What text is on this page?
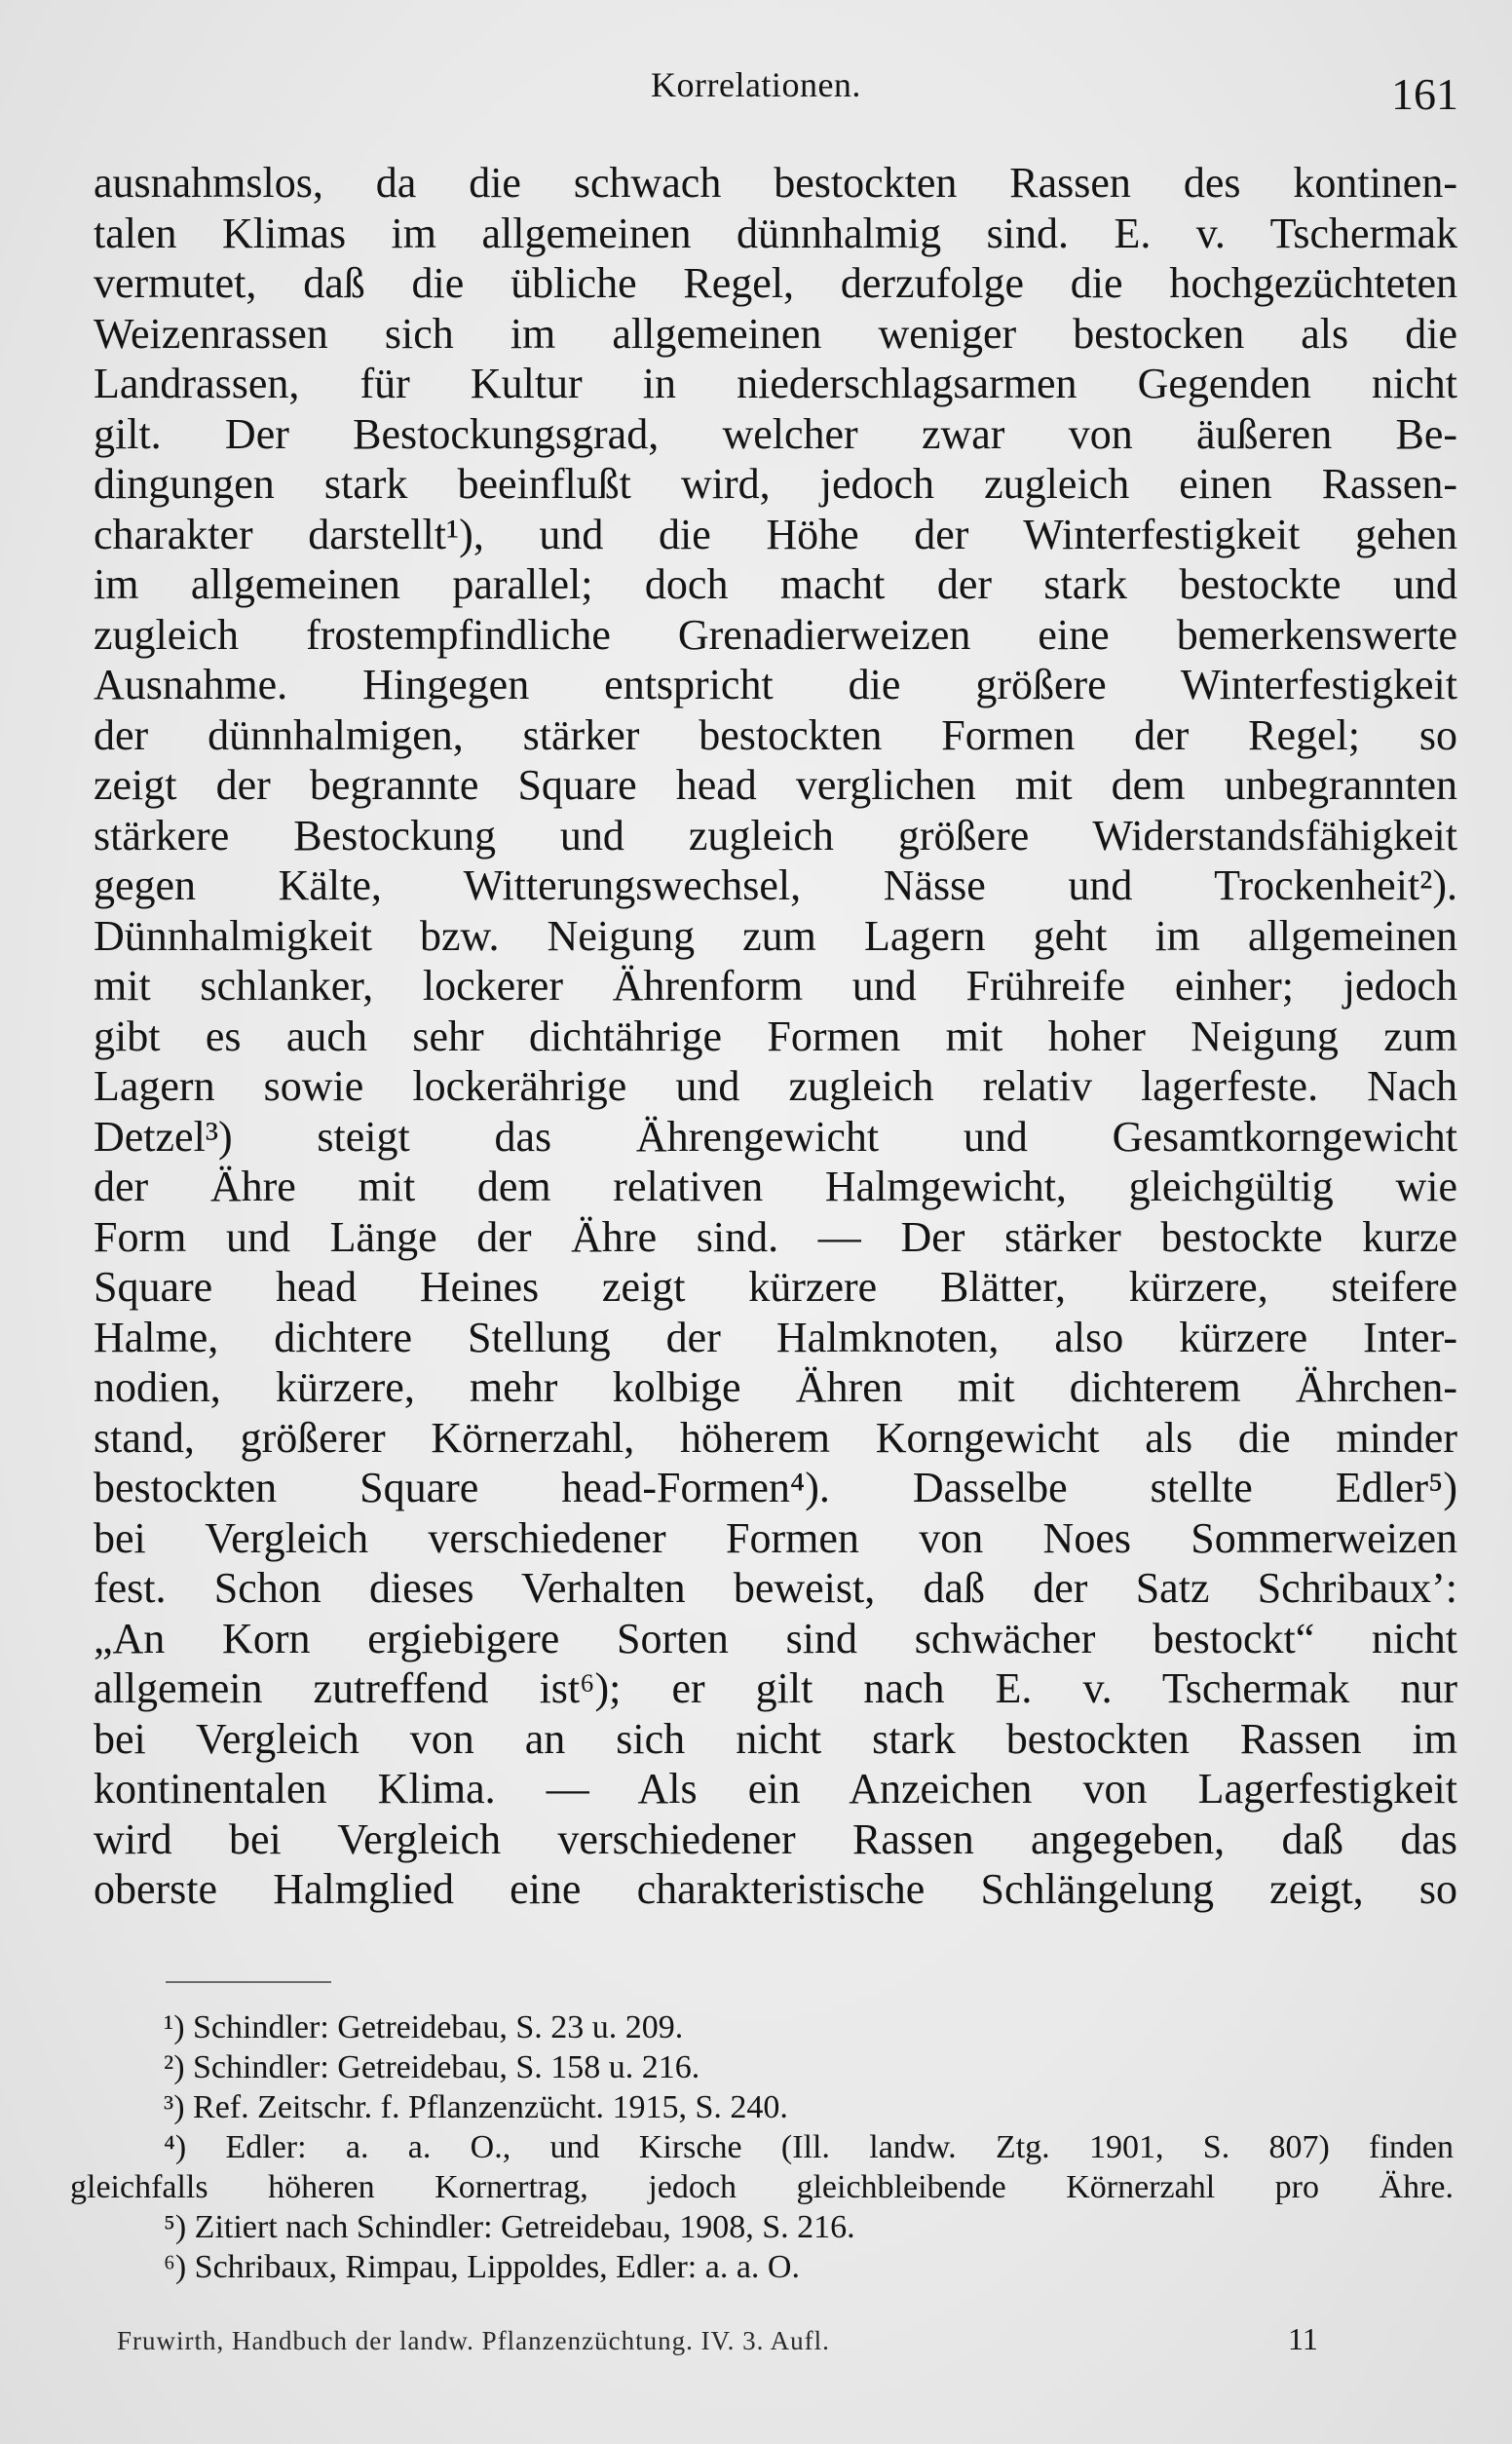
Korrelationen.	161
ausnahmslos, da die schwach bestockten Rassen des kontinen-
talen Klimas im allgemeinen dünnhalmig sind. E. v. Tschermak
vermutet, daß die übliche Regel, derzufolge die hochgezüchteten
Weizenrassen sich im allgemeinen weniger bestocken als die
Landrassen, für Kultur in niederschlagsarmen Gegenden nicht
gilt. Der Bestockungsgrad, welcher zwar von äußeren Be-
dingungen stark beeinflußt wird, jedoch zugleich einen Rassen-
charakter darstellt¹), und die Höhe der Winterfestigkeit gehen
im allgemeinen parallel; doch macht der stark bestockte und
zugleich frostempfindliche Grenadierweizen eine bemerkenswerte
Ausnahme. Hingegen entspricht die größere Winterfestigkeit
der dünnhalmigen, stärker bestockten Formen der Regel; so
zeigt der begrannte Square head verglichen mit dem unbegrannten
stärkere Bestockung und zugleich größere Widerstandsfähigkeit
gegen Kälte, Witterungswechsel, Nässe und Trockenheit²).
Dünnhalmigkeit bzw. Neigung zum Lagern geht im allgemeinen
mit schlanker, lockerer Ährenform und Frühreife einher; jedoch
gibt es auch sehr dichtährige Formen mit hoher Neigung zum
Lagern sowie lockerährige und zugleich relativ lagerfeste. Nach
Detzel³) steigt das Ährengewicht und Gesamtkorngewicht
der Ähre mit dem relativen Halmgewicht, gleichgültig wie
Form und Länge der Ähre sind. — Der stärker bestockte kurze
Square head Heines zeigt kürzere Blätter, kürzere, steifere
Halme, dichtere Stellung der Halmknoten, also kürzere Inter-
nodien, kürzere, mehr kolbige Ähren mit dichterem Ährchen-
stand, größerer Körnerzahl, höherem Korngewicht als die minder
bestockten Square head-Formen⁴). Dasselbe stellte Edler⁵)
bei Vergleich verschiedener Formen von Noes Sommerweizen
fest. Schon dieses Verhalten beweist, daß der Satz Schribaux’:
„An Korn ergiebigere Sorten sind schwächer bestockt“ nicht
allgemein zutreffend ist⁶); er gilt nach E. v. Tschermak nur
bei Vergleich von an sich nicht stark bestockten Rassen im
kontinentalen Klima. — Als ein Anzeichen von Lagerfestigkeit
wird bei Vergleich verschiedener Rassen angegeben, daß das
oberste Halmglied eine charakteristische Schlängelung zeigt, so
¹) Schindler: Getreidebau, S. 23 u. 209.
²) Schindler: Getreidebau, S. 158 u. 216.
³) Ref. Zeitschr. f. Pflanzenzücht. 1915, S. 240.
⁴) Edler: a. a. O., und Kirsche (Ill. landw. Ztg. 1901, S. 807) finden
gleichfalls höheren Kornertrag, jedoch gleichbleibende Körnerzahl pro Ähre.
⁵) Zitiert nach Schindler: Getreidebau, 1908, S. 216.
⁶) Schribaux, Rimpau, Lippoldes, Edler: a. a. O.
Fruwirth, Handbuch der landw. Pflanzenzüchtung. IV. 3. Aufl.	11
